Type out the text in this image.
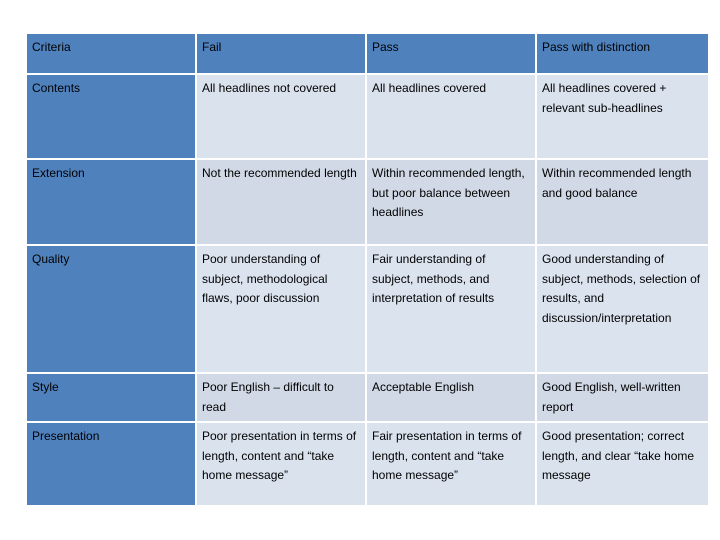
Criteria	Fail	Pass	Pass with distinction
Contents	All headlines not covered	All headlines covered	All headlines covered + relevant sub-headlines
Extension	Not the recommended length	Within recommended length, but poor balance between headlines	Within recommended length and good balance
Quality	Poor understanding of subject, methodological flaws, poor discussion	Fair understanding of subject, methods, and interpretation of results	Good understanding of subject, methods, selection of results, and discussion/interpretation
Style	Poor English – difficult to read	Acceptable English	Good English, well-written report
Presentation	Poor presentation in terms of length, content and “take home message”	Fair presentation in terms of length, content and “take home message”	Good presentation; correct length, and clear “take home message
